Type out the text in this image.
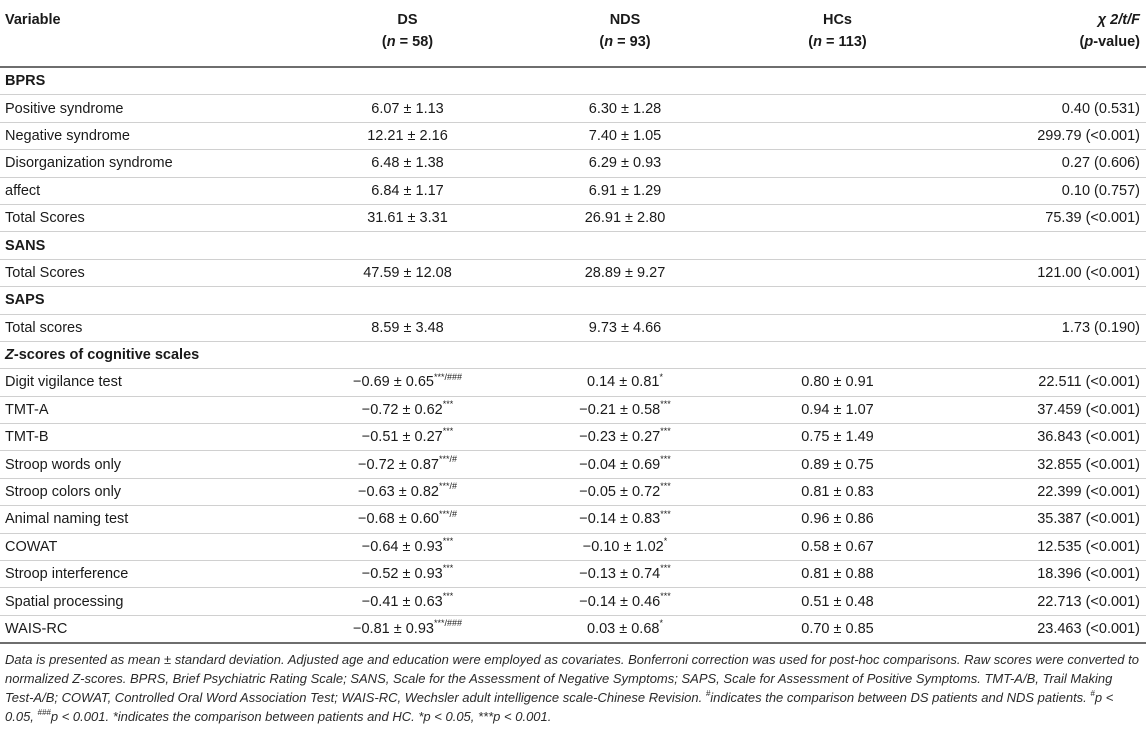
Variable	DS	NDS	HCs	χ 2/t/F
	(n = 58)	(n = 93)	(n = 113)	(p-value)
BPRS				
Positive syndrome	6.07 ± 1.13	6.30 ± 1.28		0.40 (0.531)
Negative syndrome	12.21 ± 2.16	7.40 ± 1.05		299.79 (<0.001)
Disorganization syndrome	6.48 ± 1.38	6.29 ± 0.93		0.27 (0.606)
affect	6.84 ± 1.17	6.91 ± 1.29		0.10 (0.757)
Total Scores	31.61 ± 3.31	26.91 ± 2.80		75.39 (<0.001)
SANS				
Total Scores	47.59 ± 12.08	28.89 ± 9.27		121.00 (<0.001)
SAPS				
Total scores	8.59 ± 3.48	9.73 ± 4.66		1.73 (0.190)
Z-scores of cognitive scales				
Digit vigilance test	−0.69 ± 0.65***/###	0.14 ± 0.81*	0.80 ± 0.91	22.511 (<0.001)
TMT-A	−0.72 ± 0.62***	−0.21 ± 0.58***	0.94 ± 1.07	37.459 (<0.001)
TMT-B	−0.51 ± 0.27***	−0.23 ± 0.27***	0.75 ± 1.49	36.843 (<0.001)
Stroop words only	−0.72 ± 0.87***/#	−0.04 ± 0.69***	0.89 ± 0.75	32.855 (<0.001)
Stroop colors only	−0.63 ± 0.82***/#	−0.05 ± 0.72***	0.81 ± 0.83	22.399 (<0.001)
Animal naming test	−0.68 ± 0.60***/#	−0.14 ± 0.83***	0.96 ± 0.86	35.387 (<0.001)
COWAT	−0.64 ± 0.93***	−0.10 ± 1.02*	0.58 ± 0.67	12.535 (<0.001)
Stroop interference	−0.52 ± 0.93***	−0.13 ± 0.74***	0.81 ± 0.88	18.396 (<0.001)
Spatial processing	−0.41 ± 0.63***	−0.14 ± 0.46***	0.51 ± 0.48	22.713 (<0.001)
WAIS-RC	−0.81 ± 0.93***/###	0.03 ± 0.68*	0.70 ± 0.85	23.463 (<0.001)
Data is presented as mean ± standard deviation. Adjusted age and education were employed as covariates. Bonferroni correction was used for post-hoc comparisons. Raw scores were converted to normalized Z-scores. BPRS, Brief Psychiatric Rating Scale; SANS, Scale for the Assessment of Negative Symptoms; SAPS, Scale for Assessment of Positive Symptoms. TMT-A/B, Trail Making Test-A/B; COWAT, Controlled Oral Word Association Test; WAIS-RC, Wechsler adult intelligence scale-Chinese Revision. #indicates the comparison between DS patients and NDS patients. #p < 0.05, ###p < 0.001. *indicates the comparison between patients and HC. *p < 0.05, ***p < 0.001.
